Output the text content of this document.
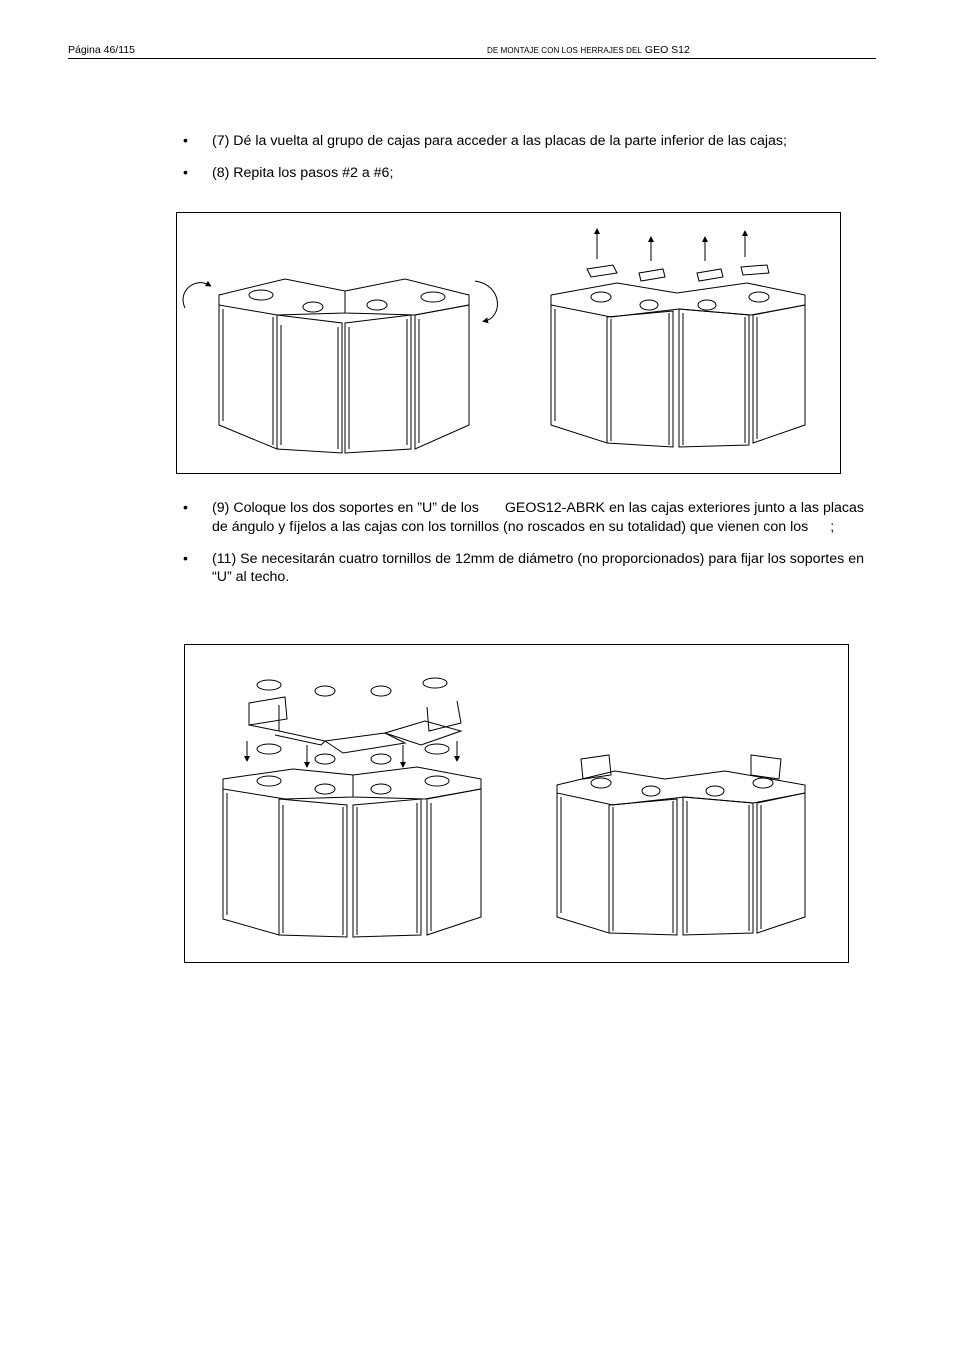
Página 46/115	DE MONTAJE CON LOS HERRAJES DEL GEO S12
• (7) Dé la vuelta al grupo de cajas para acceder a las placas de la parte inferior de las cajas;
• (8) Repita los pasos #2 a #6;
• (9) Coloque los dos soportes en ”U” de los GEOS12-ABRK en las cajas exteriores junto a las placas de ángulo y fíjelos a las cajas con los tornillos (no roscados en su totalidad) que vienen con los ;
• (11) Se necesitarán cuatro tornillos de 12mm de diámetro (no proporcionados) para fijar los soportes en “U” al techo.
